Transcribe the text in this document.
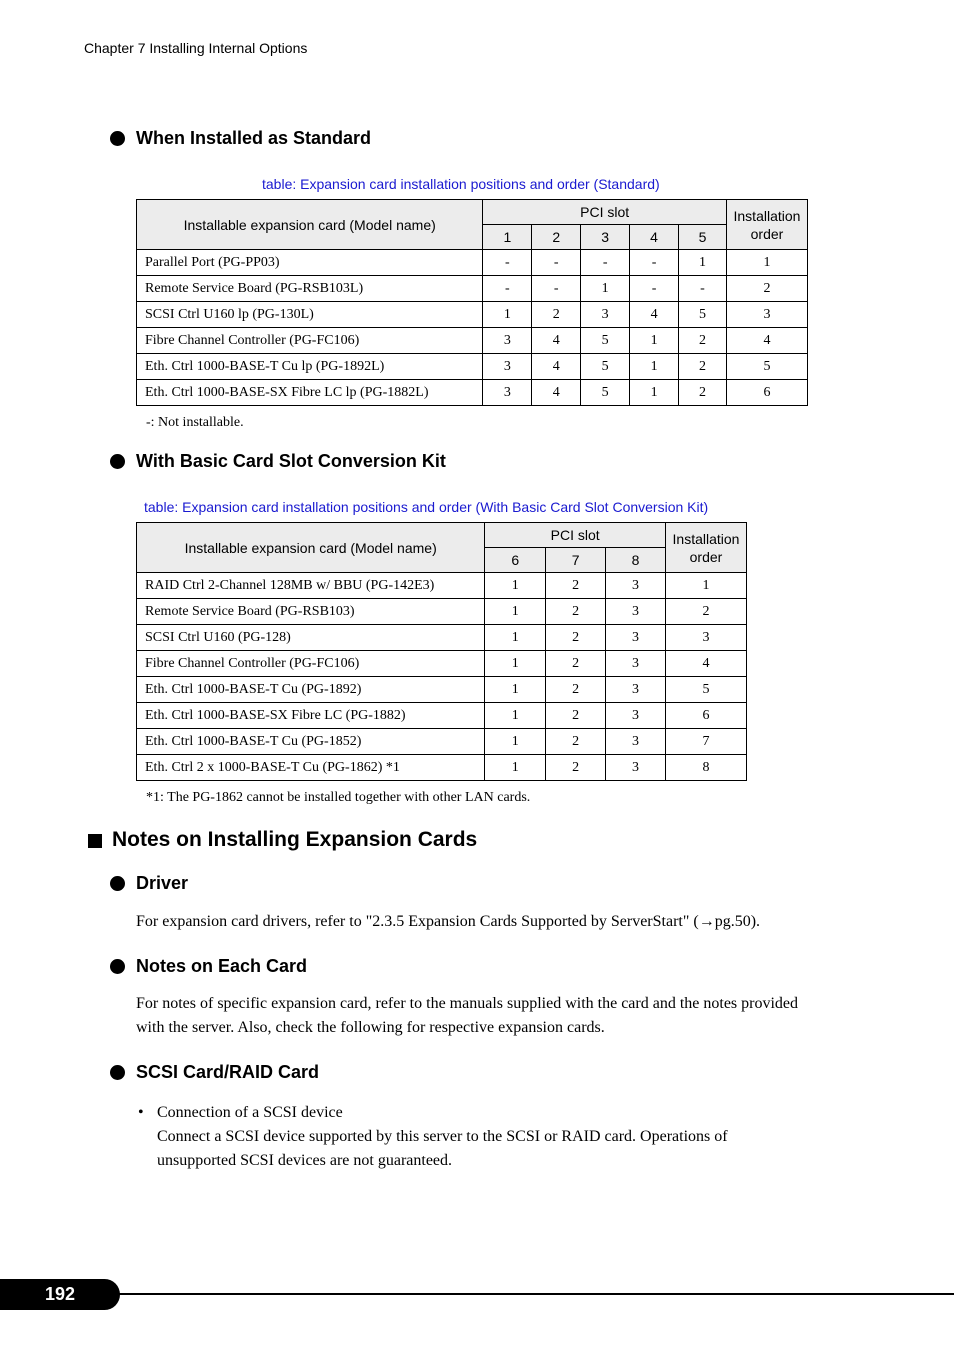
Chapter 7 Installing Internal Options
When Installed as Standard
table: Expansion card installation positions and order (Standard)
Installable expansion card (Model name)	PCI slot					Installation order
	1	2	3	4	5	
Parallel Port (PG-PP03)	-	-	-	-	1	1
Remote Service Board (PG-RSB103L)	-	-	1	-	-	2
SCSI Ctrl U160 lp (PG-130L)	1	2	3	4	5	3
Fibre Channel Controller (PG-FC106)	3	4	5	1	2	4
Eth. Ctrl 1000-BASE-T Cu lp (PG-1892L)	3	4	5	1	2	5
Eth. Ctrl 1000-BASE-SX Fibre LC lp (PG-1882L)	3	4	5	1	2	6
-: Not installable.
With Basic Card Slot Conversion Kit
table: Expansion card installation positions and order (With Basic Card Slot Conversion Kit)
Installable expansion card (Model name)	PCI slot			Installation order
	6	7	8	
RAID Ctrl 2-Channel 128MB w/ BBU (PG-142E3)	1	2	3	1
Remote Service Board (PG-RSB103)	1	2	3	2
SCSI Ctrl U160 (PG-128)	1	2	3	3
Fibre Channel Controller (PG-FC106)	1	2	3	4
Eth. Ctrl 1000-BASE-T Cu (PG-1892)	1	2	3	5
Eth. Ctrl 1000-BASE-SX Fibre LC (PG-1882)	1	2	3	6
Eth. Ctrl 1000-BASE-T Cu (PG-1852)	1	2	3	7
Eth. Ctrl 2 x 1000-BASE-T Cu (PG-1862) *1	1	2	3	8
*1: The PG-1862 cannot be installed together with other LAN cards.
Notes on Installing Expansion Cards
Driver
For expansion card drivers, refer to "2.3.5 Expansion Cards Supported by ServerStart" (→pg.50).
Notes on Each Card
For notes of specific expansion card, refer to the manuals supplied with the card and the notes provided
with the server. Also, check the following for respective expansion cards.
SCSI Card/RAID Card
• Connection of a SCSI device
Connect a SCSI device supported by this server to the SCSI or RAID card. Operations of
unsupported SCSI devices are not guaranteed.
192
